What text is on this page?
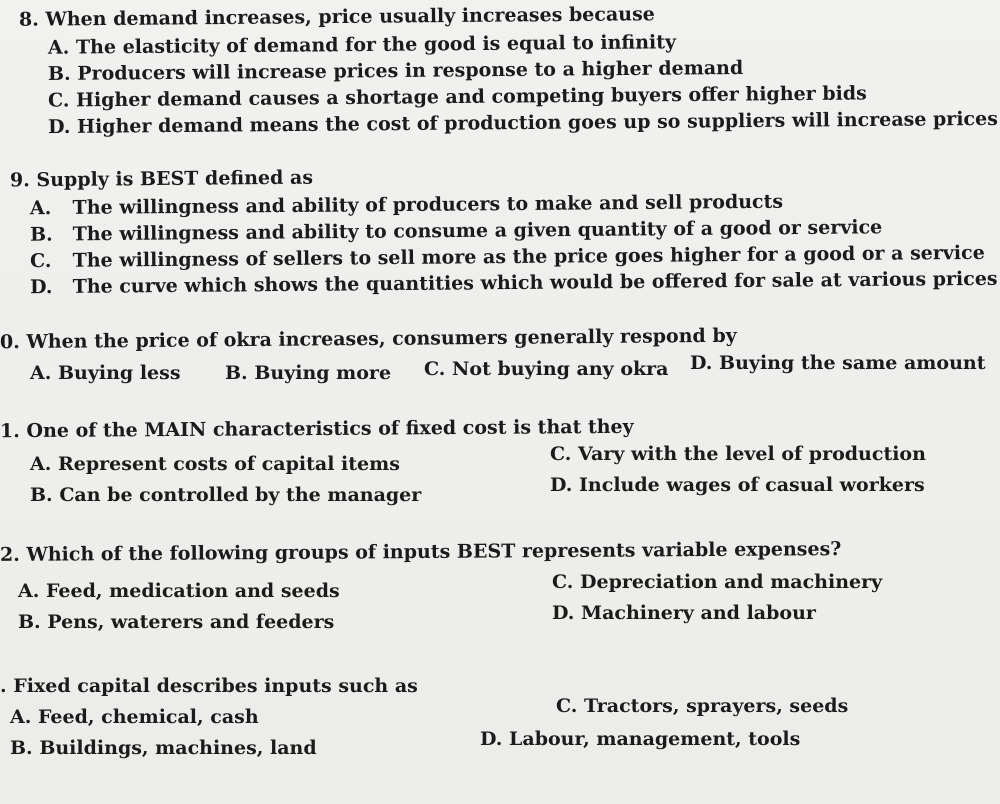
8. When demand increases, price usually increases because
A. The elasticity of demand for the good is equal to infinity
B. Producers will increase prices in response to a higher demand
C. Higher demand causes a shortage and competing buyers offer higher bids
D. Higher demand means the cost of production goes up so suppliers will increase prices
9. Supply is BEST defined as
A. The willingness and ability of producers to make and sell products
B. The willingness and ability to consume a given quantity of a good or service
C. The willingness of sellers to sell more as the price goes higher for a good or a service
D. The curve which shows the quantities which would be offered for sale at various prices
0. When the price of okra increases, consumers generally respond by
A. Buying less B. Buying more C. Not buying any okra D. Buying the same amount
1. One of the MAIN characteristics of fixed cost is that they
A. Represent costs of capital items
B. Can be controlled by the manager
C. Vary with the level of production
D. Include wages of casual workers
2. Which of the following groups of inputs BEST represents variable expenses?
A. Feed, medication and seeds
B. Pens, waterers and feeders
C. Depreciation and machinery
D. Machinery and labour
. Fixed capital describes inputs such as
A. Feed, chemical, cash
B. Buildings, machines, land
C. Tractors, sprayers, seeds
D. Labour, management, tools
